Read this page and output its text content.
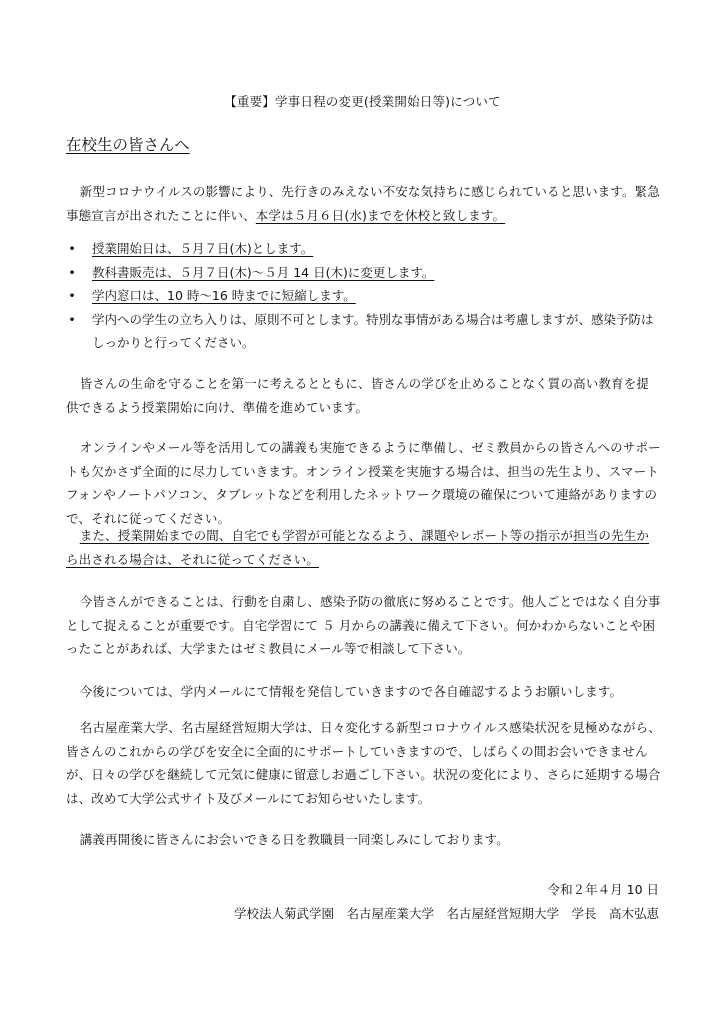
【重要】学事日程の変更(授業開始日等)について
在校生の皆さんへ

新型コロナウイルスの影響により、先行きのみえない不安な気持ちに感じられていると思います。緊急事態宣言が出されたことに伴い、本学は５月６日(水)までを休校と致します。

• 授業開始日は、５月７日(木)とします。
• 教科書販売は、５月７日(木)～５月 14 日(木)に変更します。
• 学内窓口は、10 時～16 時までに短縮します。
• 学内への学生の立ち入りは、原則不可とします。特別な事情がある場合は考慮しますが、感染予防はしっかりと行ってください。

皆さんの生命を守ることを第一に考えるとともに、皆さんの学びを止めることなく質の高い教育を提供できるよう授業開始に向け、準備を進めています。

オンラインやメール等を活用しての講義も実施できるように準備し、ゼミ教員からの皆さんへのサポートも欠かさず全面的に尽力していきます。オンライン授業を実施する場合は、担当の先生より、スマートフォンやノートパソコン、タブレットなどを利用したネットワーク環境の確保について連絡がありますので、それに従ってください。

また、授業開始までの間、自宅でも学習が可能となるよう、課題やレポート等の指示が担当の先生から出される場合は、それに従ってください。

今皆さんができることは、行動を自粛し、感染予防の徹底に努めることです。他人ごとではなく自分事として捉えることが重要です。自宅学習にて ５ 月からの講義に備えて下さい。何かわからないことや困ったことがあれば、大学またはゼミ教員にメール等で相談して下さい。

今後については、学内メールにて情報を発信していきますので各自確認するようお願いします。

名古屋産業大学、名古屋経営短期大学は、日々変化する新型コロナウイルス感染状況を見極めながら、皆さんのこれからの学びを安全に全面的にサポートしていきますので、しばらくの間お会いできませんが、日々の学びを継続して元気に健康に留意しお過ごし下さい。状況の変化により、さらに延期する場合は、改めて大学公式サイト及びメールにてお知らせいたします。

講義再開後に皆さんにお会いできる日を教職員一同楽しみにしております。

令和２年４月 10 日
学校法人菊武学園　名古屋産業大学　名古屋経営短期大学　学長　高木弘恵
